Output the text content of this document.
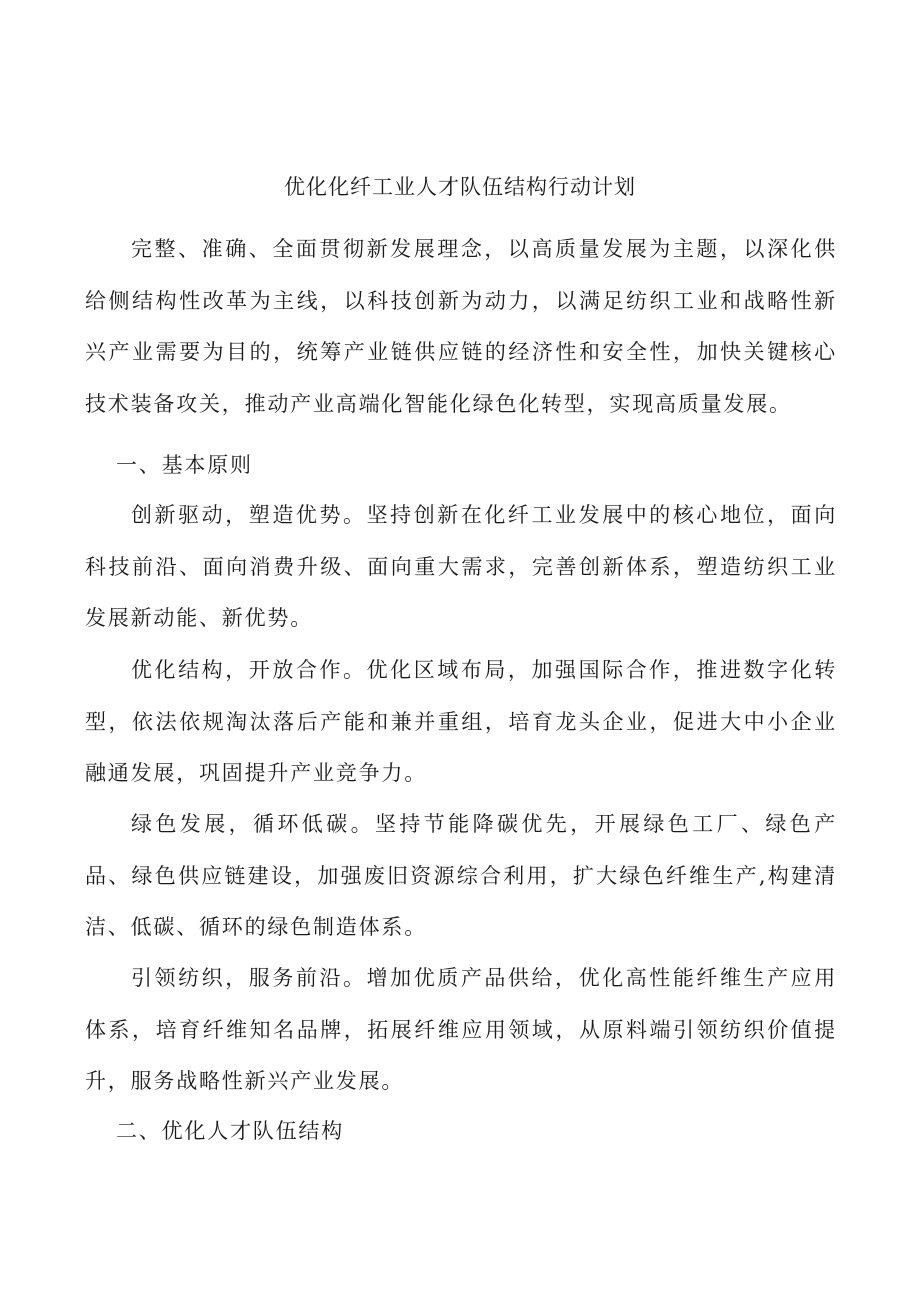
优化化纤工业人才队伍结构行动计划

完整、准确、全面贯彻新发展理念，以高质量发展为主题，以深化供给侧结构性改革为主线，以科技创新为动力，以满足纺织工业和战略性新兴产业需要为目的，统筹产业链供应链的经济性和安全性，加快关键核心技术装备攻关，推动产业高端化智能化绿色化转型，实现高质量发展。

一、基本原则

创新驱动，塑造优势。坚持创新在化纤工业发展中的核心地位，面向科技前沿、面向消费升级、面向重大需求，完善创新体系，塑造纺织工业发展新动能、新优势。

优化结构，开放合作。优化区域布局，加强国际合作，推进数字化转型，依法依规淘汰落后产能和兼并重组，培育龙头企业，促进大中小企业融通发展，巩固提升产业竞争力。

绿色发展，循环低碳。坚持节能降碳优先，开展绿色工厂、绿色产品、绿色供应链建设，加强废旧资源综合利用，扩大绿色纤维生产,构建清洁、低碳、循环的绿色制造体系。

引领纺织，服务前沿。增加优质产品供给，优化高性能纤维生产应用体系，培育纤维知名品牌，拓展纤维应用领域，从原料端引领纺织价值提升，服务战略性新兴产业发展。

二、优化人才队伍结构
